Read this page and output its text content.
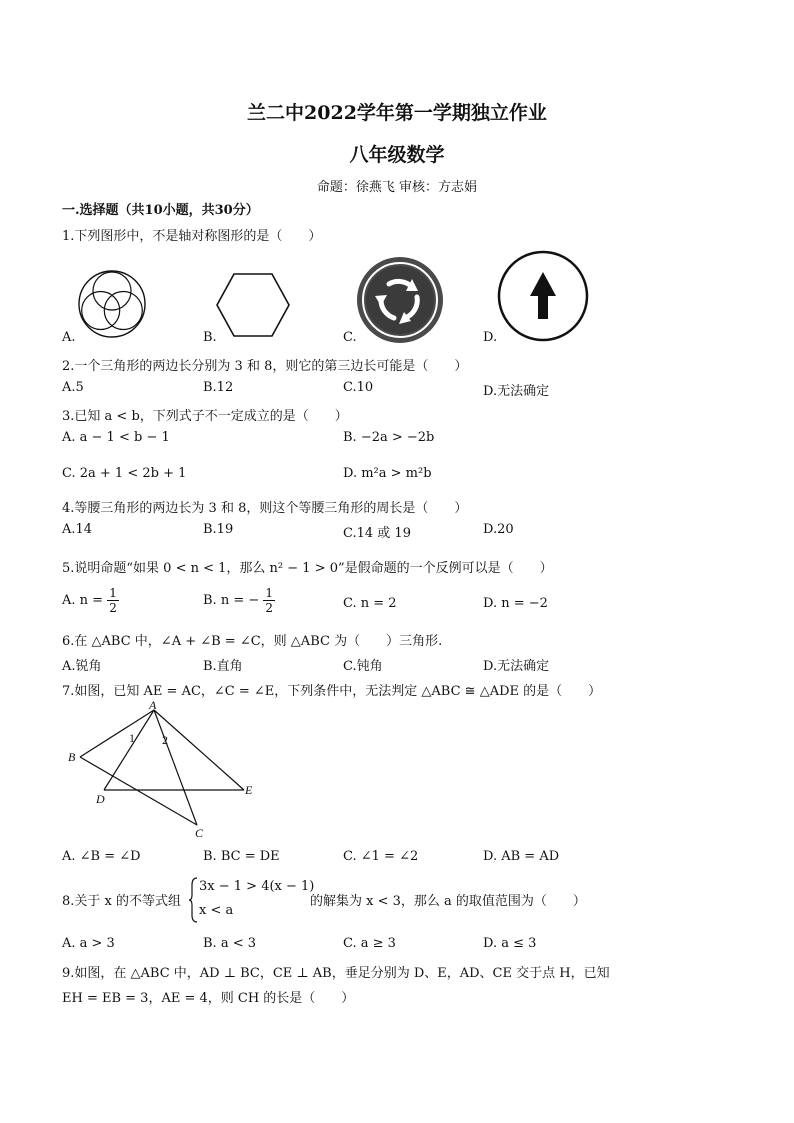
兰二中2022学年第一学期独立作业
八年级数学
命题：徐燕飞 审核：方志娟
一.选择题（共10小题，共30分）
1.下列图形中，不是轴对称图形的是（　　）
A.	B.	C.	D.
2.一个三角形的两边长分别为 3 和 8，则它的第三边长可能是（　　）
A.5	B.12	C.10	D.无法确定
3.已知 a < b，下列式子不一定成立的是（　　）
A. a − 1 < b − 1	B. −2a > −2b
C. 2a + 1 < 2b + 1	D. m²a > m²b
4.等腰三角形的两边长为 3 和 8，则这个等腰三角形的周长是（　　）
A.14	B.19	C.14 或 19	D.20
5.说明命题“如果 0 < n < 1，那么 n² − 1 > 0”是假命题的一个反例可以是（　　）
A. $n = \frac{1}{2}$	B. n = − $\frac{1}{2}$	C. n = 2	D. n = −2
6.在 △ABC 中，∠A + ∠B = ∠C，则 △ABC 为（　　）三角形.
A.锐角	B.直角	C.钝角	D.无法确定
7.如图，已知 AE = AC，∠C = ∠E，下列条件中，无法判定 △ABC ≅ △ADE 的是（　　）
A
B
C
D
E
1 2
A. ∠B = ∠D	B. BC = DE	C. ∠1 = ∠2	D. AB = AD
8.关于 x 的不等式组
3x − 1 > 4(x − 1)
x < a
的解集为 x < 3，那么 a 的取值范围为（　　）
A. a > 3	B. a < 3	C. a ≥ 3	D. a ≤ 3
9.如图，在 △ABC 中，AD ⊥ BC，CE ⊥ AB，垂足分别为 D、E，AD、CE 交于点 H，已知
EH = EB = 3，AE = 4，则 CH 的长是（　　）
